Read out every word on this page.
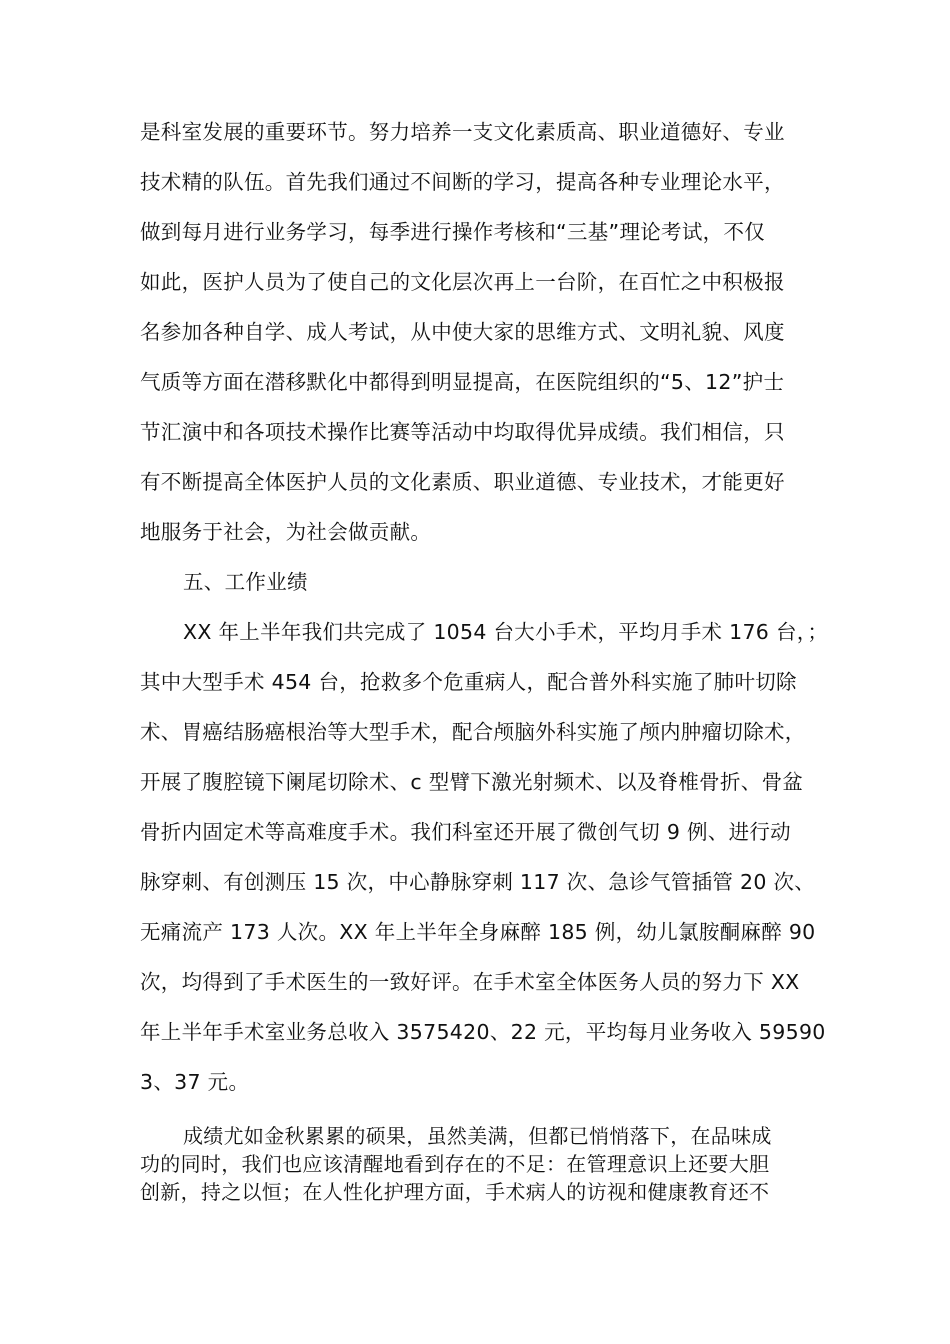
是科室发展的重要环节。努力培养一支文化素质高、职业道德好、专业
技术精的队伍。首先我们通过不间断的学习，提高各种专业理论水平，
做到每月进行业务学习，每季进行操作考核和“三基”理论考试，不仅
如此，医护人员为了使自己的文化层次再上一台阶，在百忙之中积极报
名参加各种自学、成人考试，从中使大家的思维方式、文明礼貌、风度
气质等方面在潜移默化中都得到明显提高，在医院组织的“5、12”护士
节汇演中和各项技术操作比赛等活动中均取得优异成绩。我们相信，只
有不断提高全体医护人员的文化素质、职业道德、专业技术，才能更好
地服务于社会，为社会做贡献。
五、工作业绩
XX 年上半年我们共完成了 1054 台大小手术，平均月手术 176 台，；
其中大型手术 454 台，抢救多个危重病人，配合普外科实施了肺叶切除
术、胃癌结肠癌根治等大型手术，配合颅脑外科实施了颅内肿瘤切除术，
开展了腹腔镜下阑尾切除术、c 型臂下激光射频术、以及脊椎骨折、骨盆
骨折内固定术等高难度手术。我们科室还开展了微创气切 9 例、进行动
脉穿刺、有创测压 15 次，中心静脉穿刺 117 次、急诊气管插管 20 次、
无痛流产 173 人次。XX 年上半年全身麻醉 185 例，幼儿氯胺酮麻醉 90
次，均得到了手术医生的一致好评。在手术室全体医务人员的努力下 XX
年上半年手术室业务总收入 3575420、22 元，平均每月业务收入 59590
3、37 元。
成绩尤如金秋累累的硕果，虽然美满，但都已悄悄落下，在品味成
功的同时，我们也应该清醒地看到存在的不足：在管理意识上还要大胆
创新，持之以恒；在人性化护理方面，手术病人的访视和健康教育还不
